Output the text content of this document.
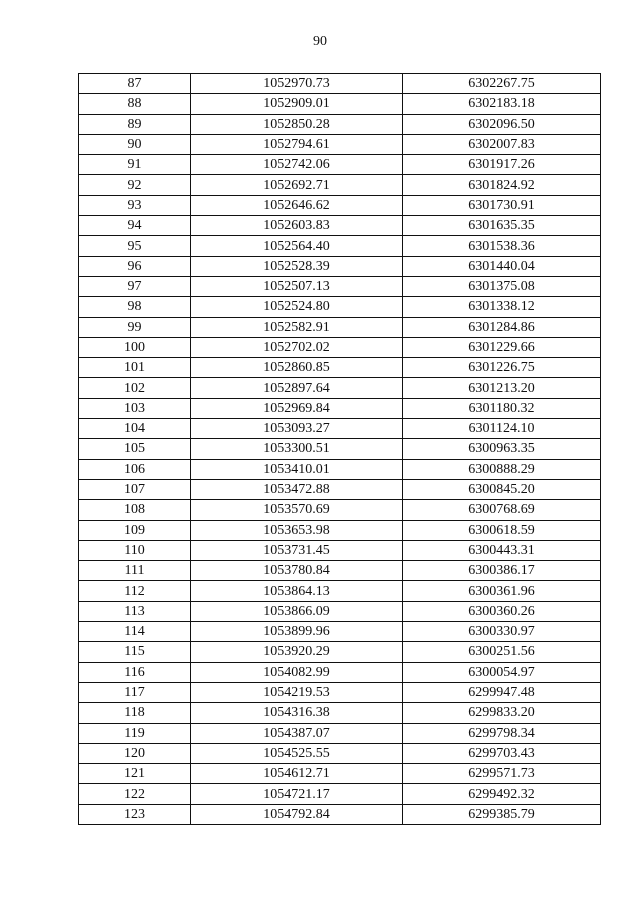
90
87	1052970.73	6302267.75
88	1052909.01	6302183.18
89	1052850.28	6302096.50
90	1052794.61	6302007.83
91	1052742.06	6301917.26
92	1052692.71	6301824.92
93	1052646.62	6301730.91
94	1052603.83	6301635.35
95	1052564.40	6301538.36
96	1052528.39	6301440.04
97	1052507.13	6301375.08
98	1052524.80	6301338.12
99	1052582.91	6301284.86
100	1052702.02	6301229.66
101	1052860.85	6301226.75
102	1052897.64	6301213.20
103	1052969.84	6301180.32
104	1053093.27	6301124.10
105	1053300.51	6300963.35
106	1053410.01	6300888.29
107	1053472.88	6300845.20
108	1053570.69	6300768.69
109	1053653.98	6300618.59
110	1053731.45	6300443.31
111	1053780.84	6300386.17
112	1053864.13	6300361.96
113	1053866.09	6300360.26
114	1053899.96	6300330.97
115	1053920.29	6300251.56
116	1054082.99	6300054.97
117	1054219.53	6299947.48
118	1054316.38	6299833.20
119	1054387.07	6299798.34
120	1054525.55	6299703.43
121	1054612.71	6299571.73
122	1054721.17	6299492.32
123	1054792.84	6299385.79
